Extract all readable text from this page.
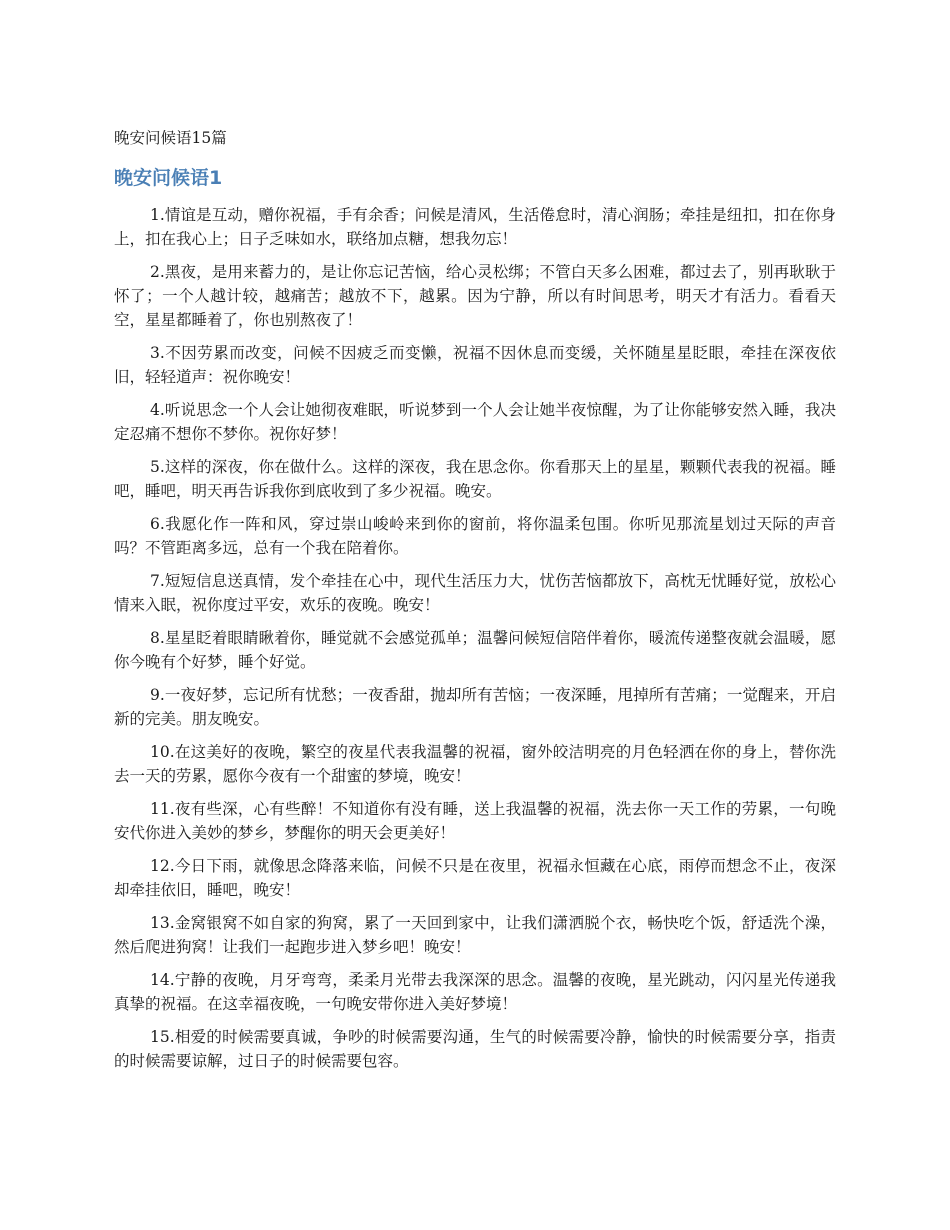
晚安问候语15篇
晚安问候语1

1.情谊是互动，赠你祝福，手有余香；问候是清风，生活倦怠时，清心润肠；牵挂是纽扣，扣在你身上，扣在我心上；日子乏味如水，联络加点糖，想我勿忘！

2.黑夜，是用来蓄力的，是让你忘记苦恼，给心灵松绑；不管白天多么困难，都过去了，别再耿耿于怀了；一个人越计较，越痛苦；越放不下，越累。因为宁静，所以有时间思考，明天才有活力。看看天空，星星都睡着了，你也别熬夜了！

3.不因劳累而改变，问候不因疲乏而变懒，祝福不因休息而变缓，关怀随星星眨眼，牵挂在深夜依旧，轻轻道声：祝你晚安！

4.听说思念一个人会让她彻夜难眠，听说梦到一个人会让她半夜惊醒，为了让你能够安然入睡，我决定忍痛不想你不梦你。祝你好梦！

5.这样的深夜，你在做什么。这样的深夜，我在思念你。你看那天上的星星，颗颗代表我的祝福。睡吧，睡吧，明天再告诉我你到底收到了多少祝福。晚安。

6.我愿化作一阵和风，穿过崇山峻岭来到你的窗前，将你温柔包围。你听见那流星划过天际的声音吗？不管距离多远，总有一个我在陪着你。

7.短短信息送真情，发个牵挂在心中，现代生活压力大，忧伤苦恼都放下，高枕无忧睡好觉，放松心情来入眠，祝你度过平安，欢乐的夜晚。晚安！

8.星星眨着眼睛瞅着你，睡觉就不会感觉孤单；温馨问候短信陪伴着你，暖流传递整夜就会温暖，愿你今晚有个好梦，睡个好觉。

9.一夜好梦，忘记所有忧愁；一夜香甜，抛却所有苦恼；一夜深睡，甩掉所有苦痛；一觉醒来，开启新的完美。朋友晚安。

10.在这美好的夜晚，繁空的夜星代表我温馨的祝福，窗外皎洁明亮的月色轻洒在你的身上，替你洗去一天的劳累，愿你今夜有一个甜蜜的梦境，晚安！

11.夜有些深，心有些醉！不知道你有没有睡，送上我温馨的祝福，洗去你一天工作的劳累，一句晚安代你进入美妙的梦乡，梦醒你的明天会更美好！

12.今日下雨，就像思念降落来临，问候不只是在夜里，祝福永恒藏在心底，雨停而想念不止，夜深却牵挂依旧，睡吧，晚安！

13.金窝银窝不如自家的狗窝，累了一天回到家中，让我们潇洒脱个衣，畅快吃个饭，舒适洗个澡，然后爬进狗窝！让我们一起跑步进入梦乡吧！晚安！

14.宁静的夜晚，月牙弯弯，柔柔月光带去我深深的思念。温馨的夜晚，星光跳动，闪闪星光传递我真挚的祝福。在这幸福夜晚，一句晚安带你进入美好梦境！

15.相爱的时候需要真诚，争吵的时候需要沟通，生气的时候需要冷静，愉快的时候需要分享，指责的时候需要谅解，过日子的时候需要包容。
